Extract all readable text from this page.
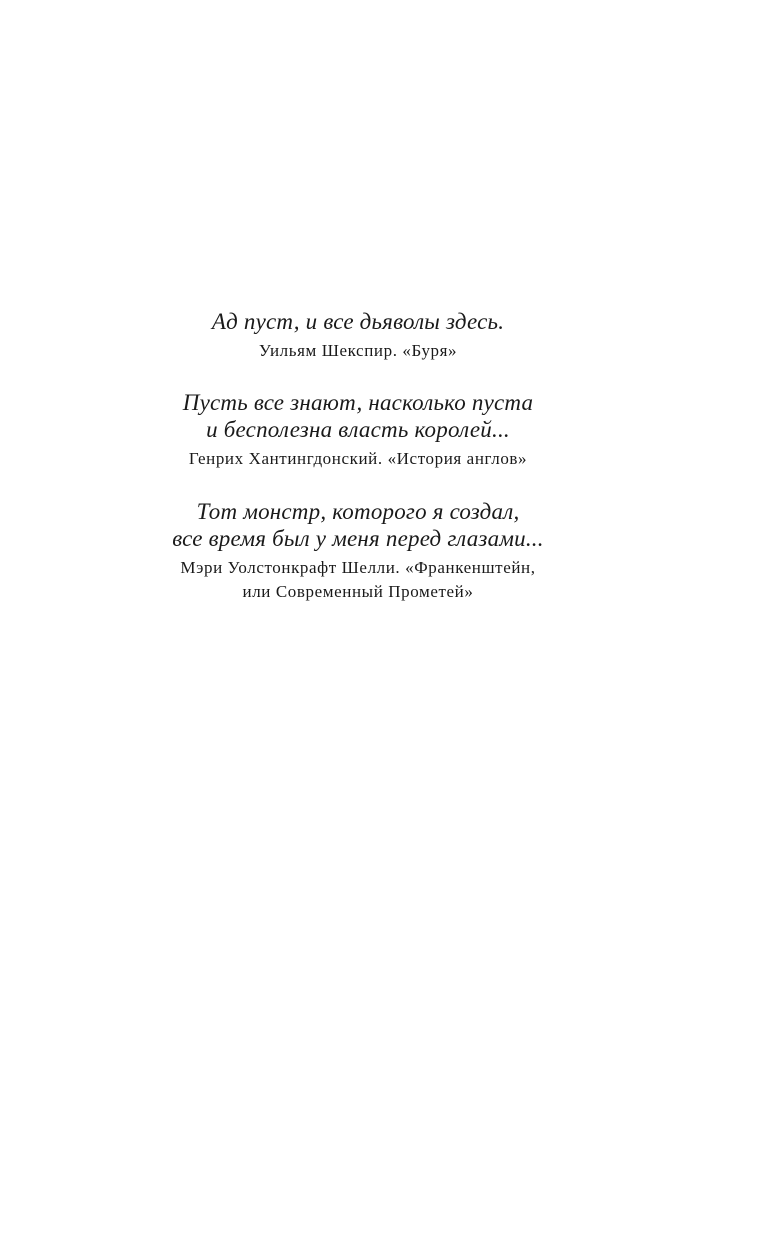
Ад пуст, и все дьяволы здесь.
Уильям Шекспир. «Буря»
Пусть все знают, насколько пуста
и бесполезна власть королей...
Генрих Хантингдонский. «История англов»
Тот монстр, которого я создал,
все время был у меня перед глазами...
Мэри Уолстонкрафт Шелли. «Франкенштейн,
или Современный Прометей»
